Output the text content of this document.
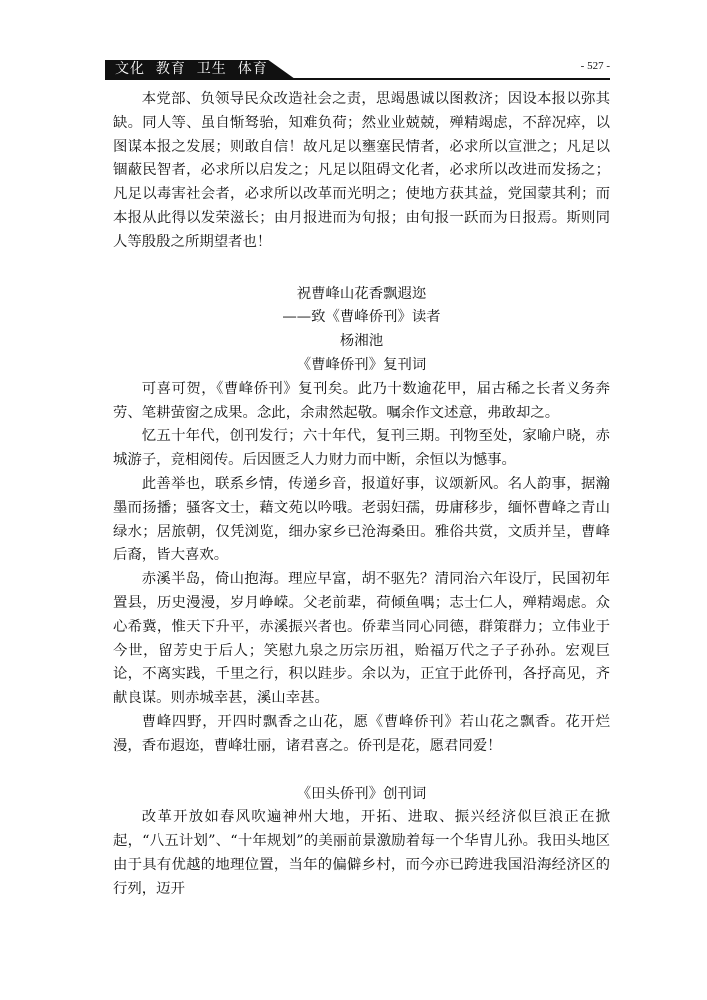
文化  教育  卫生  体育	- 527 -

本党部、负领导民众改造社会之责，思竭愚诚以图救济；因设本报以弥其缺。同人等、虽自惭驽骀，知难负荷；然业业兢兢，殚精竭虑，不辞况瘁，以图谋本报之发展；则敢自信！故凡足以壅塞民情者，必求所以宣泄之；凡足以锢蔽民智者，必求所以启发之；凡足以阻碍文化者，必求所以改进而发扬之；凡足以毒害社会者，必求所以改革而光明之；使地方获其益，党国蒙其利；而本报从此得以发荣滋长；由月报进而为旬报；由旬报一跃而为日报焉。斯则同人等殷殷之所期望者也！

祝曹峰山花香飘遐迩

——致《曹峰侨刊》读者

杨湘池

《曹峰侨刊》复刊词

可喜可贺，《曹峰侨刊》复刊矣。此乃十数逾花甲，届古稀之长者义务奔劳、笔耕萤窗之成果。念此，余肃然起敬。嘱余作文述意，弗敢却之。

忆五十年代，创刊发行；六十年代，复刊三期。刊物至处，家喻户晓，赤城游子，竞相阅传。后因匮乏人力财力而中断，余恒以为憾事。

此善举也，联系乡情，传递乡音，报道好事，议颂新风。名人韵事，据瀚墨而扬播；骚客文士，藉文苑以吟哦。老弱妇孺，毋庸移步，缅怀曹峰之青山绿水；居旅朝，仅凭浏览，细办家乡已沧海桑田。雅俗共赏，文质并呈，曹峰后裔，皆大喜欢。

赤溪半岛，倚山抱海。理应早富，胡不驱先？清同治六年设厅，民国初年置县，历史漫漫，岁月峥嵘。父老前辈，荷倾鱼喁；志士仁人，殚精竭虑。众心希冀，惟天下升平，赤溪振兴者也。侨辈当同心同德，群策群力；立伟业于今世，留芳史于后人；笑慰九泉之历宗历祖，贻福万代之子子孙孙。宏观巨论，不离实践，千里之行，积以跬步。余以为，正宜于此侨刊，各抒高见，齐献良谋。则赤城幸甚，溪山幸甚。

曹峰四野，开四时飘香之山花，愿《曹峰侨刊》若山花之飘香。花开烂漫，香布遐迩，曹峰壮丽，诸君喜之。侨刊是花，愿君同爱！

《田头侨刊》创刊词

改革开放如春风吹遍神州大地，开拓、进取、振兴经济似巨浪正在掀起，“八五计划”、“十年规划”的美丽前景激励着每一个华胄儿孙。我田头地区由于具有优越的地理位置，当年的偏僻乡村，而今亦已跨进我国沿海经济区的行列，迈开
